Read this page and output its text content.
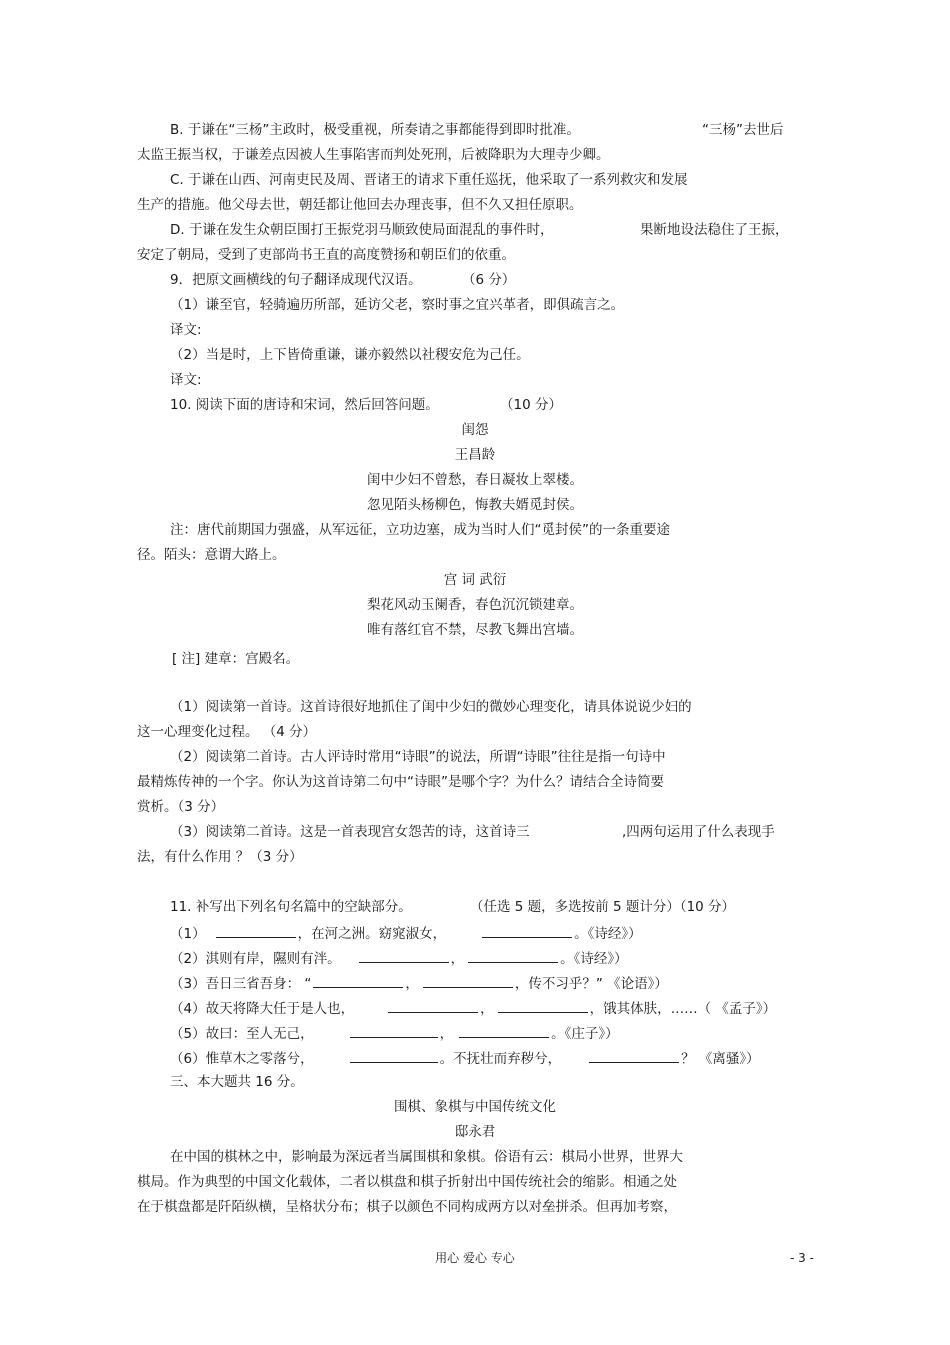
B. 于谦在“三杨”主政时，极受重视，所奏请之事都能得到即时批准。	“三杨”去世后
太监王振当权，于谦差点因被人生事陷害而判处死刑，后被降职为大理寺少卿。
C. 于谦在山西、河南吏民及周、晋诸王的请求下重任巡抚，他采取了一系列救灾和发展
生产的措施。他父母去世，朝廷都让他回去办理丧事，但不久又担任原职。
D. 于谦在发生众朝臣围打王振党羽马顺致使局面混乱的事件时，	果断地设法稳住了王振，
安定了朝局，受到了吏部尚书王直的高度赞扬和朝臣们的依重。
9．把原文画横线的句子翻译成现代汉语。	（6 分）
（1）谦至官，轻骑遍历所部，延访父老，察时事之宜兴革者，即俱疏言之。
译文:
（2）当是时，上下皆倚重谦，谦亦毅然以社稷安危为己任。
译文:
10. 阅读下面的唐诗和宋词，然后回答问题。	（10 分）
闺怨
王昌龄
闺中少妇不曾愁，春日凝妆上翠楼。
忽见陌头杨柳色，悔教夫婿觅封侯。
注：唐代前期国力强盛，从军远征，立功边塞，成为当时人们“觅封侯”的一条重要途
径。陌头：意谓大路上。
宫 词 武衍
梨花风动玉阑香，春色沉沉锁建章。
唯有落红官不禁，尽教飞舞出宫墙。
[ 注] 建章：宫殿名。
（1）阅读第一首诗。这首诗很好地抓住了闺中少妇的微妙心理变化，请具体说说少妇的
这一心理变化过程。 （4 分）
（2）阅读第二首诗。古人评诗时常用“诗眼”的说法，所谓“诗眼”往往是指一句诗中
最精炼传神的一个字。你认为这首诗第二句中“诗眼”是哪个字？为什么？请结合全诗简要
赏析。（3 分）
（3）阅读第二首诗。这是一首表现宫女怨苦的诗，这首诗三	,四两句运用了什么表现手
法，有什么作用 ？（3 分）
11. 补写出下列名句名篇中的空缺部分。	（任选 5 题，多选按前 5 题计分）（10 分）
（1）	，在河之洲。窈窕淑女，	。《诗经》）
（2）淇则有岸，隰则有泮。	，	。《诗经》）
（3）吾日三省吾身： “	，	，传不习乎？” 《论语》）
（4）故天将降大任于是人也，	，	，饿其体肤，……（ 《孟子》）
（5）故曰：至人无己，	，	。《庄子》）
（6）惟草木之零落兮，	。不抚壮而弃秽兮，	？ 《离骚》）
三、本大题共 16 分。
围棋、象棋与中国传统文化
邸永君
在中国的棋林之中，影响最为深远者当属围棋和象棋。俗语有云：棋局小世界，世界大
棋局。作为典型的中国文化载体，二者以棋盘和棋子折射出中国传统社会的缩影。相通之处
在于棋盘都是阡陌纵横，呈格状分布；棋子以颜色不同构成两方以对垒拼杀。但再加考察，
用心 爱心 专心	- 3 -
